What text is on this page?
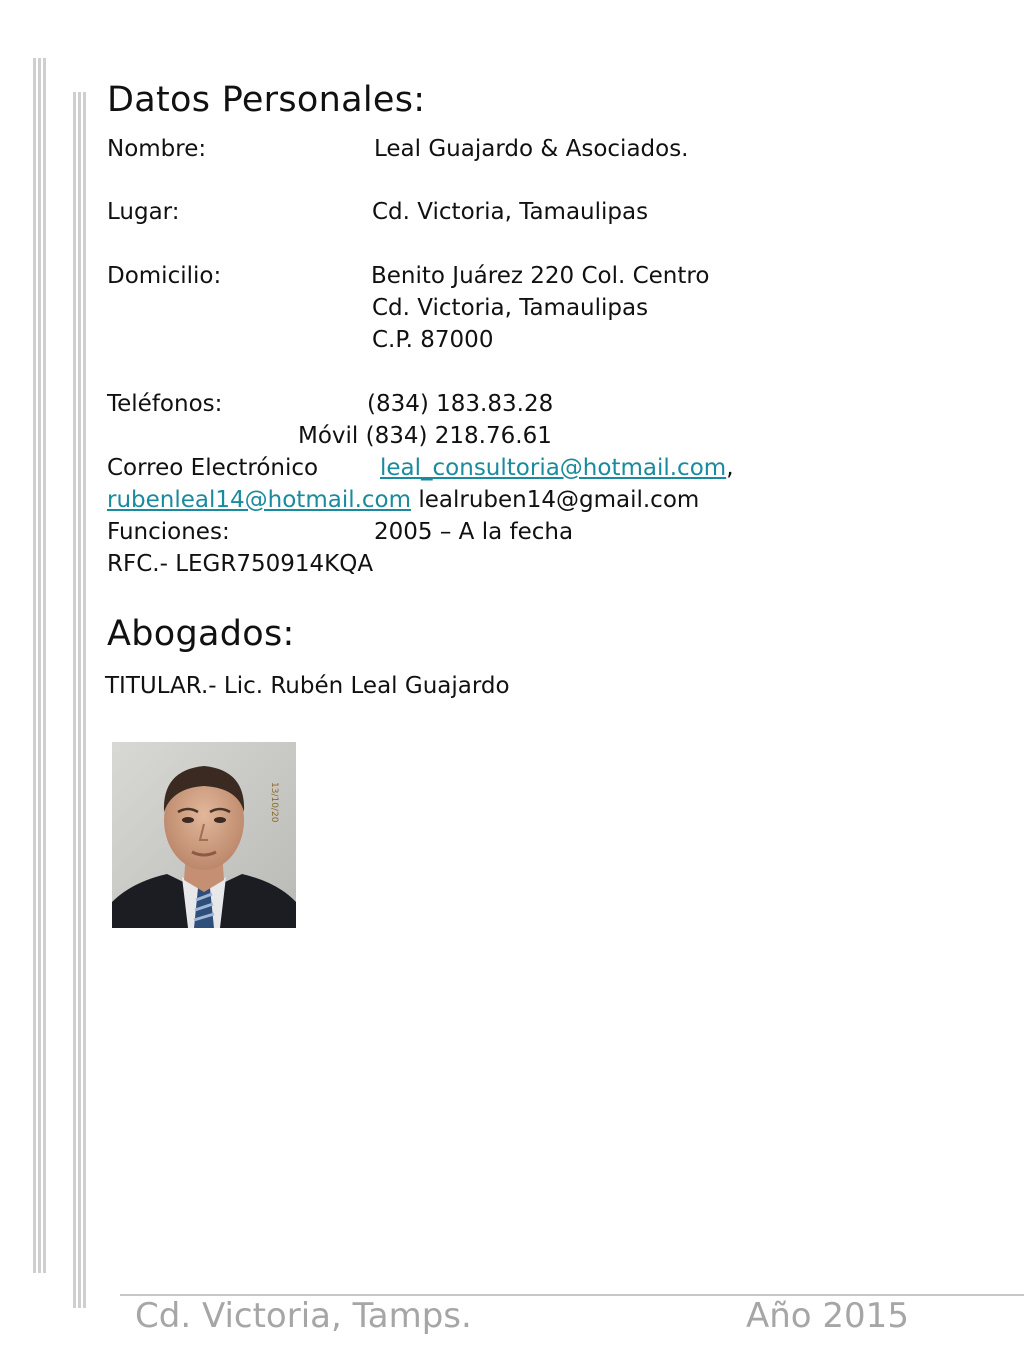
Datos Personales:

Nombre:	Leal Guajardo & Asociados.

Lugar:	Cd. Victoria, Tamaulipas

Domicilio:	Benito Juárez 220 Col. Centro

Cd. Victoria, Tamaulipas

C.P. 87000

Teléfonos:	(834) 183.83.28

Móvil (834) 218.76.61

Correo Electrónico	leal_consultoria@hotmail.com,

rubenleal14@hotmail.com lealruben14@gmail.com

Funciones:	2005 – A la fecha

RFC.- LEGR750914KQA

Abogados:

TITULAR.- Lic. Rubén Leal Guajardo

13/10/20

Cd. Victoria, Tamps.	Año 2015
